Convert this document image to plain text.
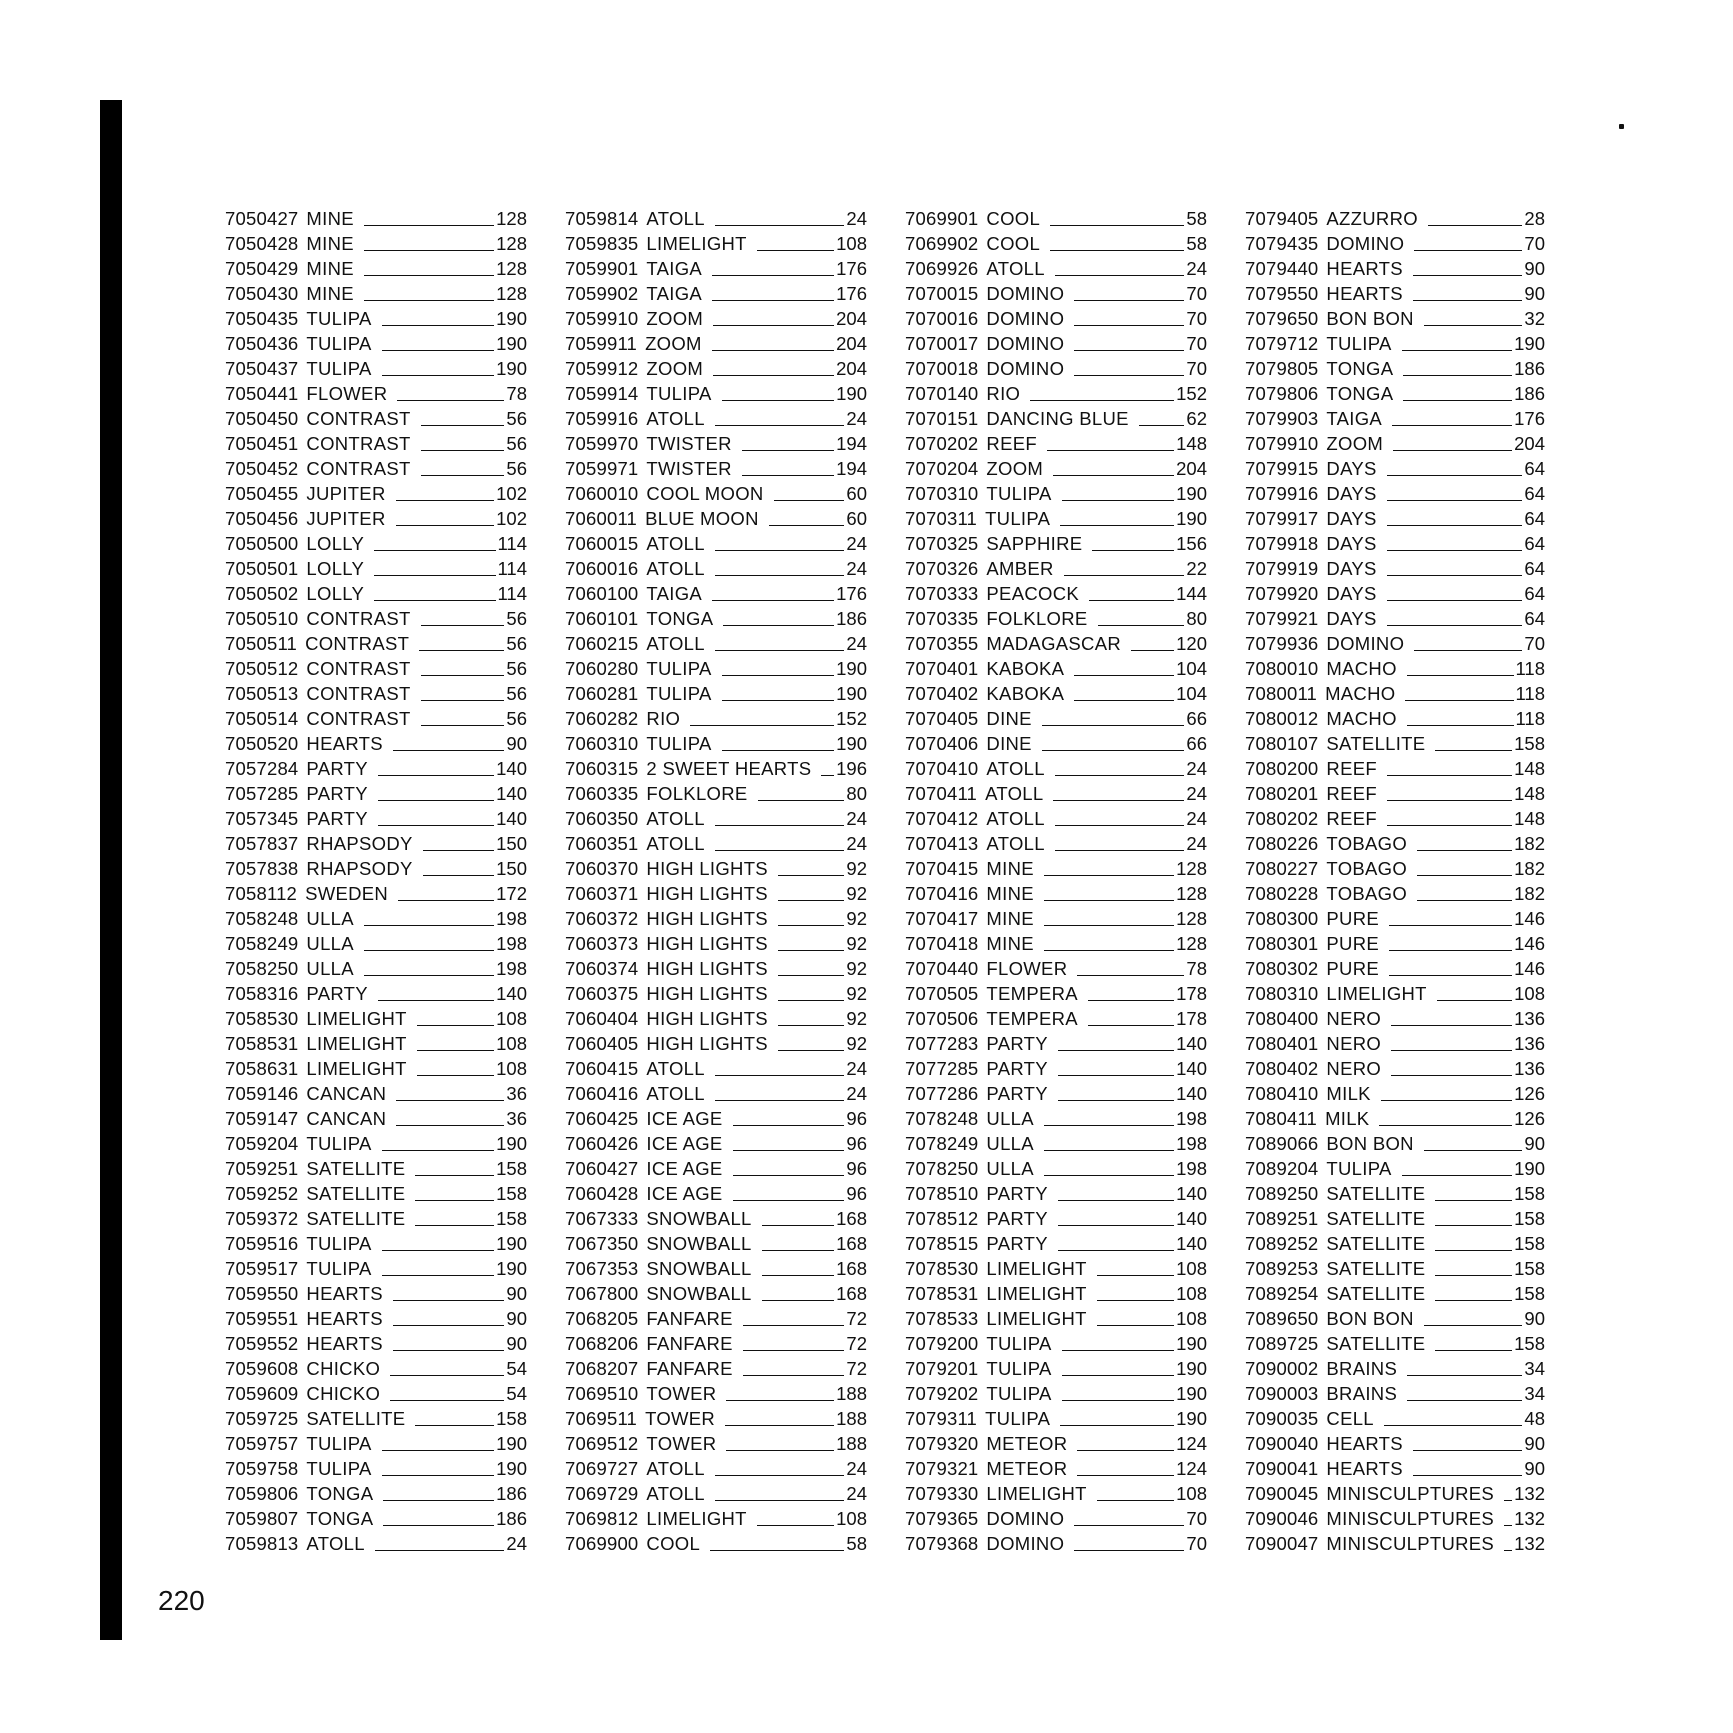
7050427 MINE	128
7050428 MINE	128
7050429 MINE	128
7050430 MINE	128
7050435 TULIPA	190
7050436 TULIPA	190
7050437 TULIPA	190
7050441 FLOWER	78
7050450 CONTRAST	56
7050451 CONTRAST	56
7050452 CONTRAST	56
7050455 JUPITER	102
7050456 JUPITER	102
7050500 LOLLY	114
7050501 LOLLY	114
7050502 LOLLY	114
7050510 CONTRAST	56
7050511 CONTRAST	56
7050512 CONTRAST	56
7050513 CONTRAST	56
7050514 CONTRAST	56
7050520 HEARTS	90
7057284 PARTY	140
7057285 PARTY	140
7057345 PARTY	140
7057837 RHAPSODY	150
7057838 RHAPSODY	150
7058112 SWEDEN	172
7058248 ULLA	198
7058249 ULLA	198
7058250 ULLA	198
7058316 PARTY	140
7058530 LIMELIGHT	108
7058531 LIMELIGHT	108
7058631 LIMELIGHT	108
7059146 CANCAN	36
7059147 CANCAN	36
7059204 TULIPA	190
7059251 SATELLITE	158
7059252 SATELLITE	158
7059372 SATELLITE	158
7059516 TULIPA	190
7059517 TULIPA	190
7059550 HEARTS	90
7059551 HEARTS	90
7059552 HEARTS	90
7059608 CHICKO	54
7059609 CHICKO	54
7059725 SATELLITE	158
7059757 TULIPA	190
7059758 TULIPA	190
7059806 TONGA	186
7059807 TONGA	186
7059813 ATOLL	24
7059814 ATOLL	24
7059835 LIMELIGHT	108
7059901 TAIGA	176
7059902 TAIGA	176
7059910 ZOOM	204
7059911 ZOOM	204
7059912 ZOOM	204
7059914 TULIPA	190
7059916 ATOLL	24
7059970 TWISTER	194
7059971 TWISTER	194
7060010 COOL MOON	60
7060011 BLUE MOON	60
7060015 ATOLL	24
7060016 ATOLL	24
7060100 TAIGA	176
7060101 TONGA	186
7060215 ATOLL	24
7060280 TULIPA	190
7060281 TULIPA	190
7060282 RIO	152
7060310 TULIPA	190
7060315 2 SWEET HEARTS 196
7060335 FOLKLORE	80
7060350 ATOLL	24
7060351 ATOLL	24
7060370 HIGH LIGHTS	92
7060371 HIGH LIGHTS	92
7060372 HIGH LIGHTS	92
7060373 HIGH LIGHTS	92
7060374 HIGH LIGHTS	92
7060375 HIGH LIGHTS	92
7060404 HIGH LIGHTS	92
7060405 HIGH LIGHTS	92
7060415 ATOLL	24
7060416 ATOLL	24
7060425 ICE AGE	96
7060426 ICE AGE	96
7060427 ICE AGE	96
7060428 ICE AGE	96
7067333 SNOWBALL	168
7067350 SNOWBALL	168
7067353 SNOWBALL	168
7067800 SNOWBALL	168
7068205 FANFARE	72
7068206 FANFARE	72
7068207 FANFARE	72
7069510 TOWER	188
7069511 TOWER	188
7069512 TOWER	188
7069727 ATOLL	24
7069729 ATOLL	24
7069812 LIMELIGHT	108
7069900 COOL	58
7069901 COOL	58
7069902 COOL	58
7069926 ATOLL	24
7070015 DOMINO	70
7070016 DOMINO	70
7070017 DOMINO	70
7070018 DOMINO	70
7070140 RIO	152
7070151 DANCING BLUE	62
7070202 REEF	148
7070204 ZOOM	204
7070310 TULIPA	190
7070311 TULIPA	190
7070325 SAPPHIRE	156
7070326 AMBER	22
7070333 PEACOCK	144
7070335 FOLKLORE	80
7070355 MADAGASCAR	120
7070401 KABOKA	104
7070402 KABOKA	104
7070405 DINE	66
7070406 DINE	66
7070410 ATOLL	24
7070411 ATOLL	24
7070412 ATOLL	24
7070413 ATOLL	24
7070415 MINE	128
7070416 MINE	128
7070417 MINE	128
7070418 MINE	128
7070440 FLOWER	78
7070505 TEMPERA	178
7070506 TEMPERA	178
7077283 PARTY	140
7077285 PARTY	140
7077286 PARTY	140
7078248 ULLA	198
7078249 ULLA	198
7078250 ULLA	198
7078510 PARTY	140
7078512 PARTY	140
7078515 PARTY	140
7078530 LIMELIGHT	108
7078531 LIMELIGHT	108
7078533 LIMELIGHT	108
7079200 TULIPA	190
7079201 TULIPA	190
7079202 TULIPA	190
7079311 TULIPA	190
7079320 METEOR	124
7079321 METEOR	124
7079330 LIMELIGHT	108
7079365 DOMINO	70
7079368 DOMINO	70
7079405 AZZURRO	28
7079435 DOMINO	70
7079440 HEARTS	90
7079550 HEARTS	90
7079650 BON BON	32
7079712 TULIPA	190
7079805 TONGA	186
7079806 TONGA	186
7079903 TAIGA	176
7079910 ZOOM	204
7079915 DAYS	64
7079916 DAYS	64
7079917 DAYS	64
7079918 DAYS	64
7079919 DAYS	64
7079920 DAYS	64
7079921 DAYS	64
7079936 DOMINO	70
7080010 MACHO	118
7080011 MACHO	118
7080012 MACHO	118
7080107 SATELLITE	158
7080200 REEF	148
7080201 REEF	148
7080202 REEF	148
7080226 TOBAGO	182
7080227 TOBAGO	182
7080228 TOBAGO	182
7080300 PURE	146
7080301 PURE	146
7080302 PURE	146
7080310 LIMELIGHT	108
7080400 NERO	136
7080401 NERO	136
7080402 NERO	136
7080410 MILK	126
7080411 MILK	126
7089066 BON BON	90
7089204 TULIPA	190
7089250 SATELLITE	158
7089251 SATELLITE	158
7089252 SATELLITE	158
7089253 SATELLITE	158
7089254 SATELLITE	158
7089650 BON BON	90
7089725 SATELLITE	158
7090002 BRAINS	34
7090003 BRAINS	34
7090035 CELL	48
7090040 HEARTS	90
7090041 HEARTS	90
7090045 MINISCULPTURES 132
7090046 MINISCULPTURES 132
7090047 MINISCULPTURES 132
220
